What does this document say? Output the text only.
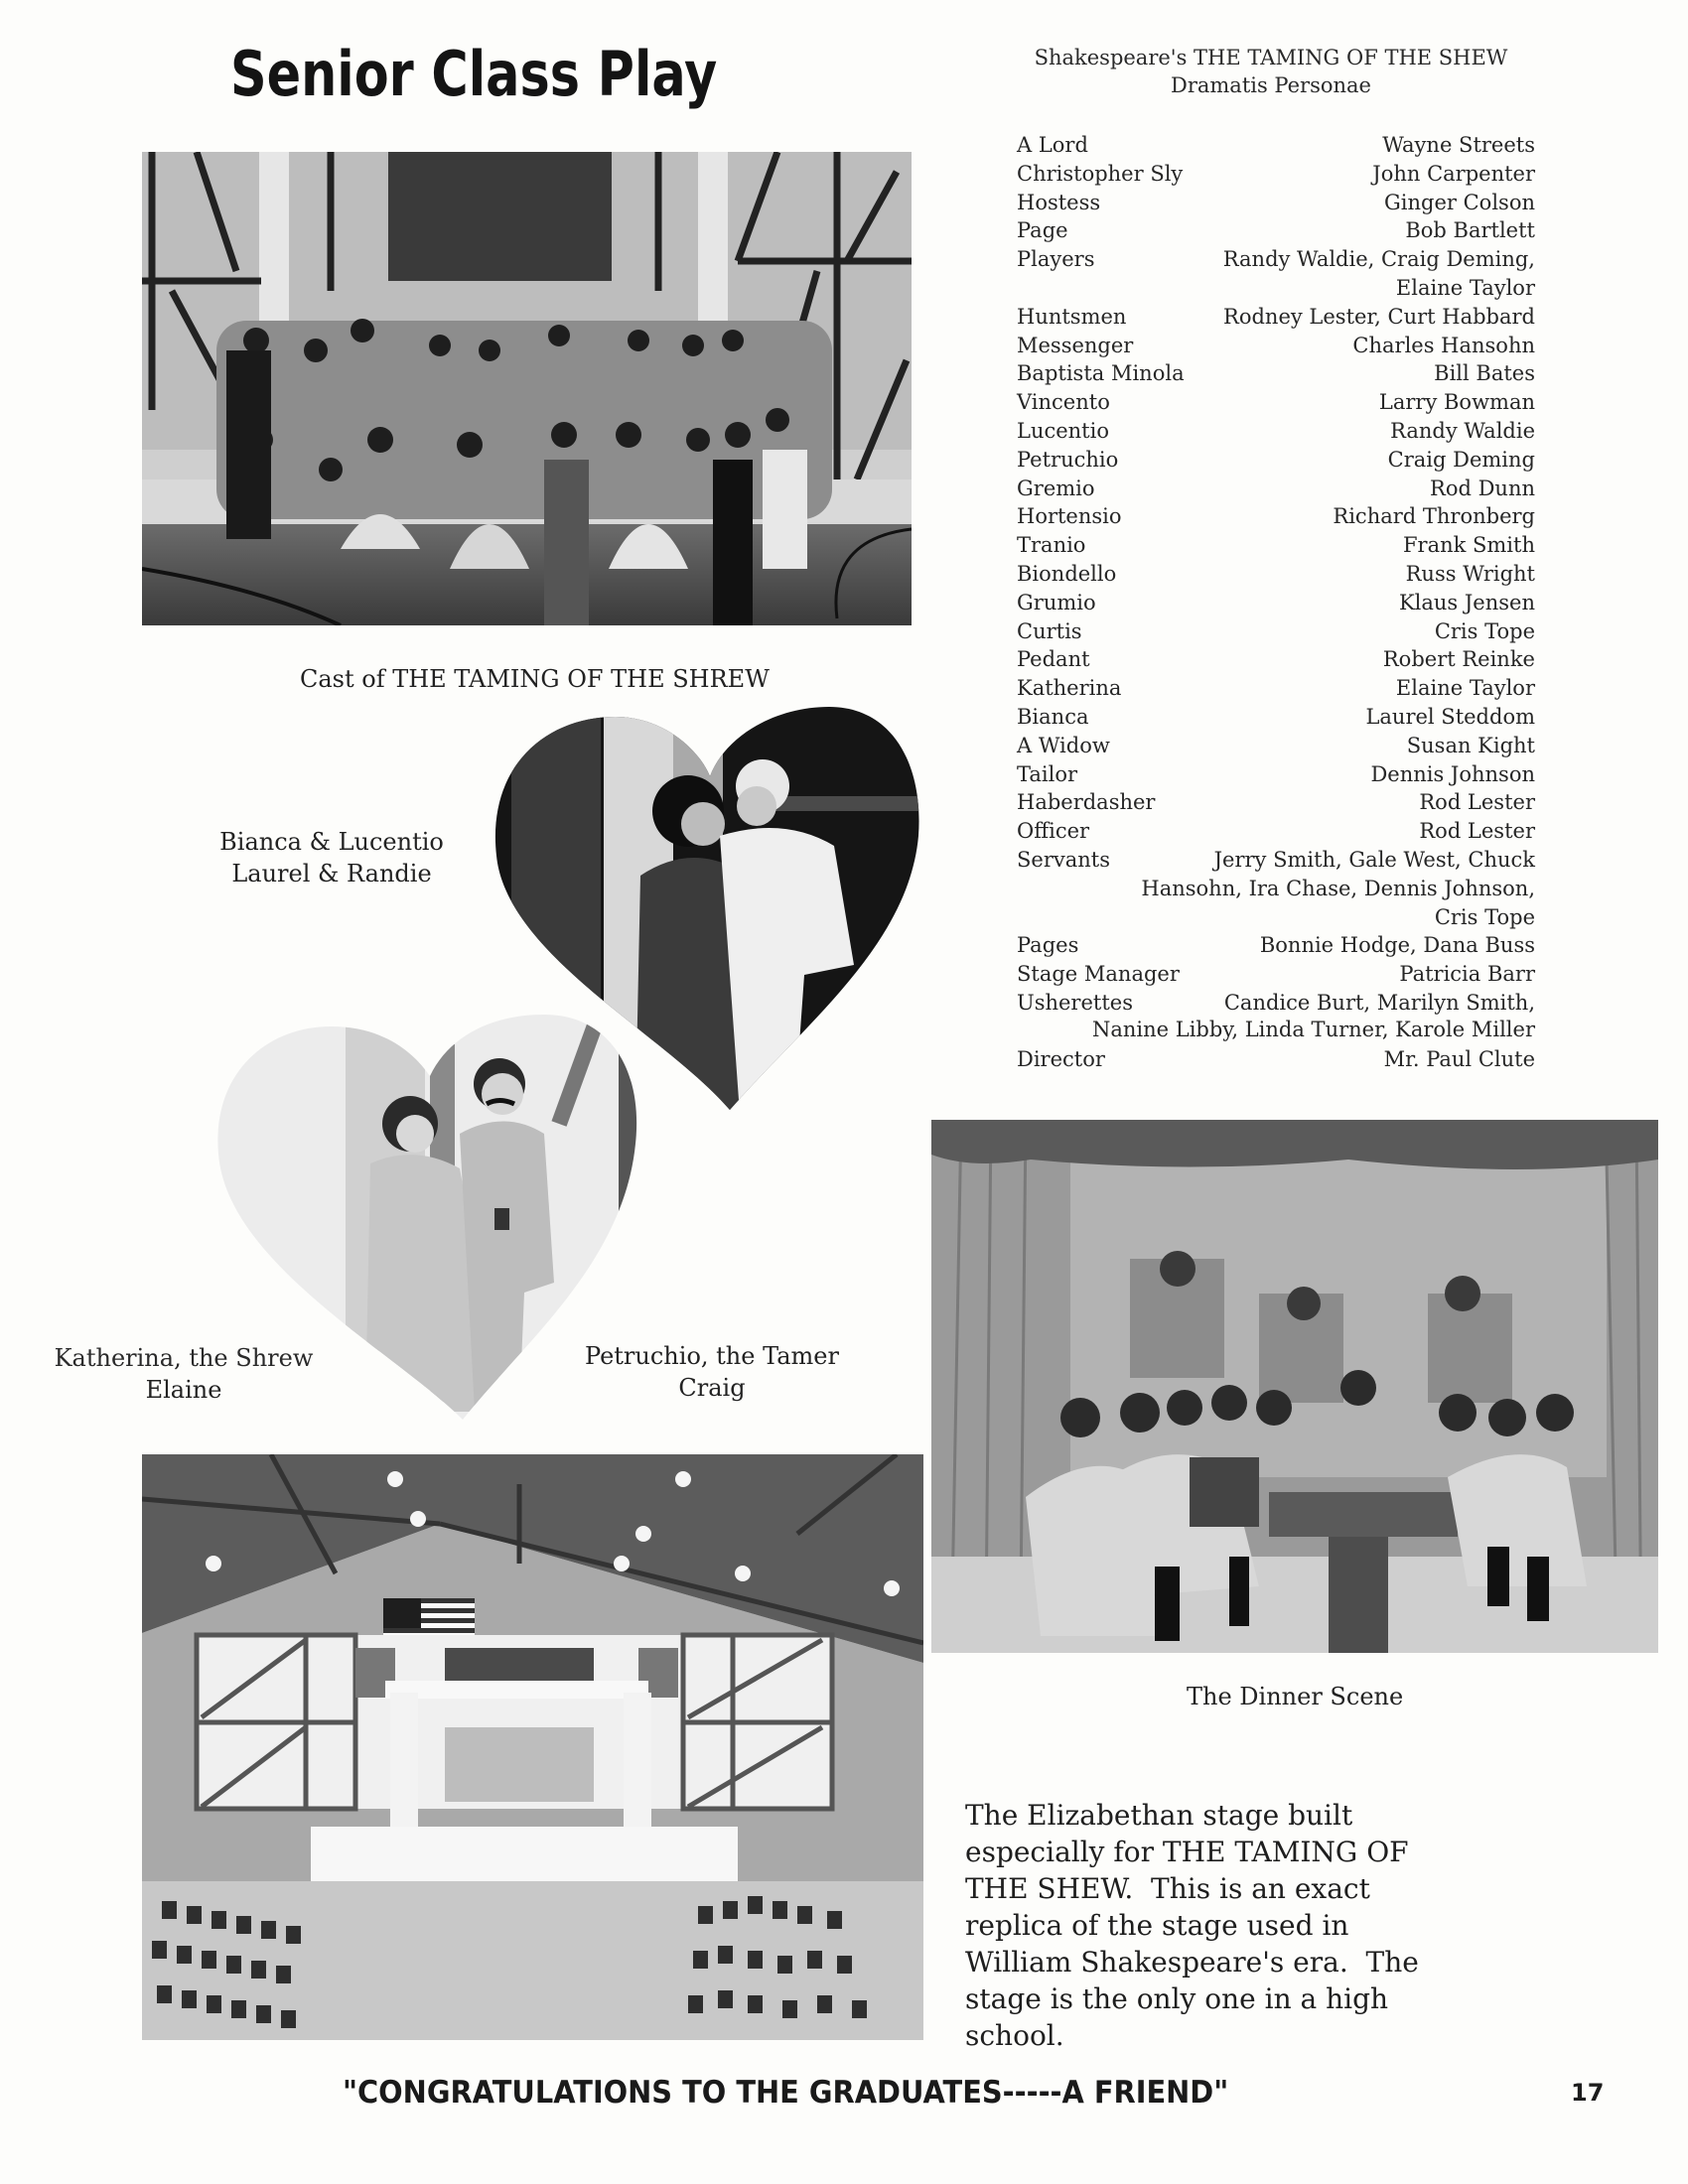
Senior Class Play	Shakespeare's THE TAMING OF THE SHEW
Dramatis Personae
A Lord	Wayne Streets
Christopher Sly	John Carpenter
Hostess	Ginger Colson
Page	Bob Bartlett
Players	Randy Waldie, Craig Deming,
Elaine Taylor
Huntsmen	Rodney Lester, Curt Habbard
Messenger	Charles Hansohn
Baptista Minola	Bill Bates
Vincento	Larry Bowman
Lucentio	Randy Waldie
Petruchio	Craig Deming
Gremio	Rod Dunn
Hortensio	Richard Thronberg
Tranio	Frank Smith
Biondello	Russ Wright
Grumio	Klaus Jensen
Curtis	Cris Tope
Pedant	Robert Reinke
Katherina	Elaine Taylor
Bianca	Laurel Steddom
A Widow	Susan Kight
Tailor	Dennis Johnson
Haberdasher	Rod Lester
Officer	Rod Lester
Servants	Jerry Smith, Gale West, Chuck
Hansohn, Ira Chase, Dennis Johnson,
Cris Tope
Pages	Bonnie Hodge, Dana Buss
Stage Manager	Patricia Barr
Usherettes	Candice Burt, Marilyn Smith,
Nanine Libby, Linda Turner, Karole Miller
Director	Mr. Paul Clute
Cast of THE TAMING OF THE SHREW
Bianca & Lucentio
Laurel & Randie
Katherina, the Shrew
Elaine
Petruchio, the Tamer
Craig
The Dinner Scene
The Elizabethan stage built
especially for THE TAMING OF
THE SHEW.  This is an exact
replica of the stage used in
William Shakespeare's era.  The
stage is the only one in a high
school.
"CONGRATULATIONS TO THE GRADUATES-----A FRIEND"	17
